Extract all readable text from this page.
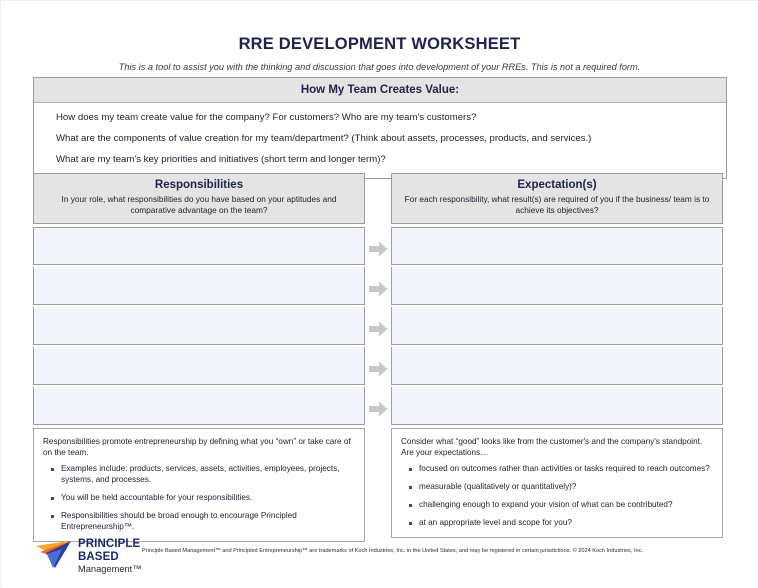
RRE DEVELOPMENT WORKSHEET

This is a tool to assist you with the thinking and discussion that goes into development of your RREs. This is not a required form.

How My Team Creates Value:

How does my team create value for the company? For customers? Who are my team's customers?

What are the components of value creation for my team/department? (Think about assets, processes, products, and services.)

What are my team's key priorities and initiatives (short term and longer term)?

Responsibilities
In your role, what responsibilities do you have based on your aptitudes and comparative advantage on the team?
Expectation(s)
For each responsibility, what result(s) are required of you if the business/ team is to achieve its objectives?

Responsibilities promote entrepreneurship by defining what you “own” or take care of on the team.

Examples include: products, services, assets, activities, employees, projects, systems, and processes.
You will be held accountable for your responsibilities.
Responsibilities should be broad enough to encourage Principled Entrepreneurship™.

Consider what “good” looks like from the customer's and the company's standpoint. Are your expectations…

focused on outcomes rather than activities or tasks required to reach outcomes?
measurable (qualitatively or quantitatively)?
challenging enough to expand your vision of what can be contributed?
at an appropriate level and scope for you?
PRINCIPLE
BASED
Management™
Principle Based Management™ and Principled Entrepreneurship™ are trademarks of Koch Industries, Inc. in the United States, and may be registered in certain jurisdictions. © 2024 Koch Industries, Inc.
